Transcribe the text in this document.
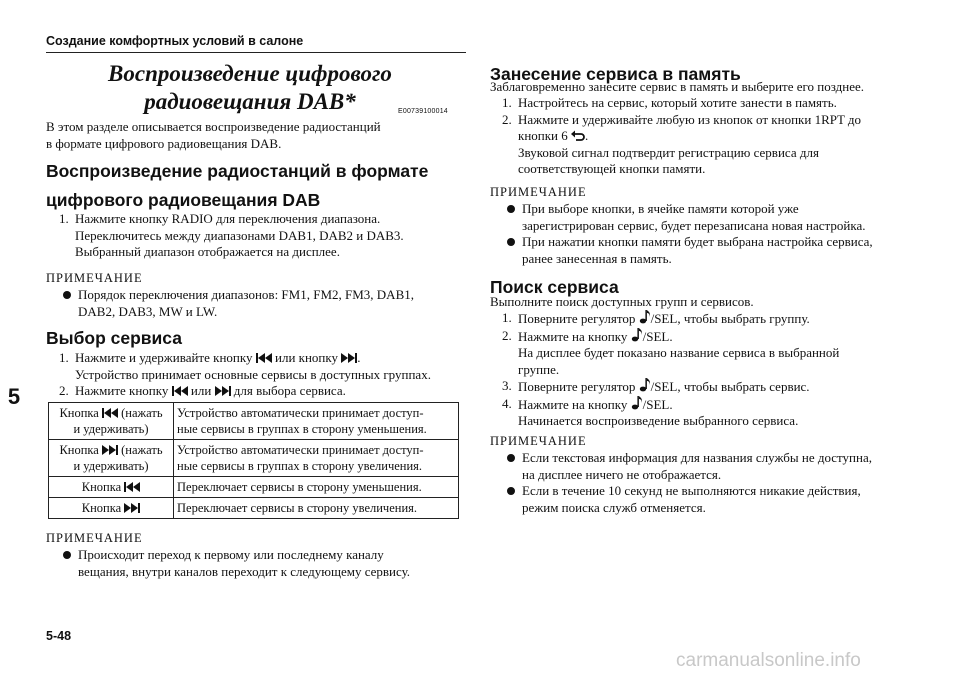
Создание комфортных условий в салоне
5
Воспроизведение цифрового
радиовещания DAB*	E00739100014

В этом разделе описывается воспроизведение радиостанций

в формате цифрового радиовещания DAB.

Воспроизведение радиостанций в формате
цифрового радиовещания DAB
1. Нажмите кнопку RADIO для переключения диапазона.
Переключитесь между диапазонами DAB1, DAB2 и DAB3.
Выбранный диапазон отображается на дисплее.
ПРИМЕЧАНИЕ
Порядок переключения диапазонов: FM1, FM2, FM3, DAB1,
DAB2, DAB3, MW и LW.
Выбор сервиса
1. Нажмите и удерживайте кнопку или кнопку .
Устройство принимает основные сервисы в доступных группах.
2. Нажмите кнопку или для выбора сервиса.
Кнопка (нажать
и удерживать)	Устройство автоматически принимает доступ-
ные сервисы в группах в сторону уменьшения.
Кнопка (нажать
и удерживать)	Устройство автоматически принимает доступ-
ные сервисы в группах в сторону увеличения.
Кнопка	Переключает сервисы в сторону уменьшения.
Кнопка	Переключает сервисы в сторону увеличения.
ПРИМЕЧАНИЕ
Происходит переход к первому или последнему каналу
вещания, внутри каналов переходит к следующему сервису.
Занесение сервиса в память
Заблаговременно занесите сервис в память и выберите его позднее.
1. Настройтесь на сервис, который хотите занести в память.
2. Нажмите и удерживайте любую из кнопок от кнопки 1RPT до
кнопки 6 .
Звуковой сигнал подтвердит регистрацию сервиса для
соответствующей кнопки памяти.
ПРИМЕЧАНИЕ
При выборе кнопки, в ячейке памяти которой уже
зарегистрирован сервис, будет перезаписана новая настройка.
При нажатии кнопки памяти будет выбрана настройка сервиса,
ранее занесенная в память.
Поиск сервиса
Выполните поиск доступных групп и сервисов.
1. Поверните регулятор /SEL, чтобы выбрать группу.
2. Нажмите на кнопку /SEL.
На дисплее будет показано название сервиса в выбранной
группе.
3. Поверните регулятор /SEL, чтобы выбрать сервис.
4. Нажмите на кнопку /SEL.
Начинается воспроизведение выбранного сервиса.
ПРИМЕЧАНИЕ
Если текстовая информация для названия службы не доступна,
на дисплее ничего не отображается.
Если в течение 10 секунд не выполняются никакие действия,
режим поиска служб отменяется.
5-48
carmanualsonline.info
